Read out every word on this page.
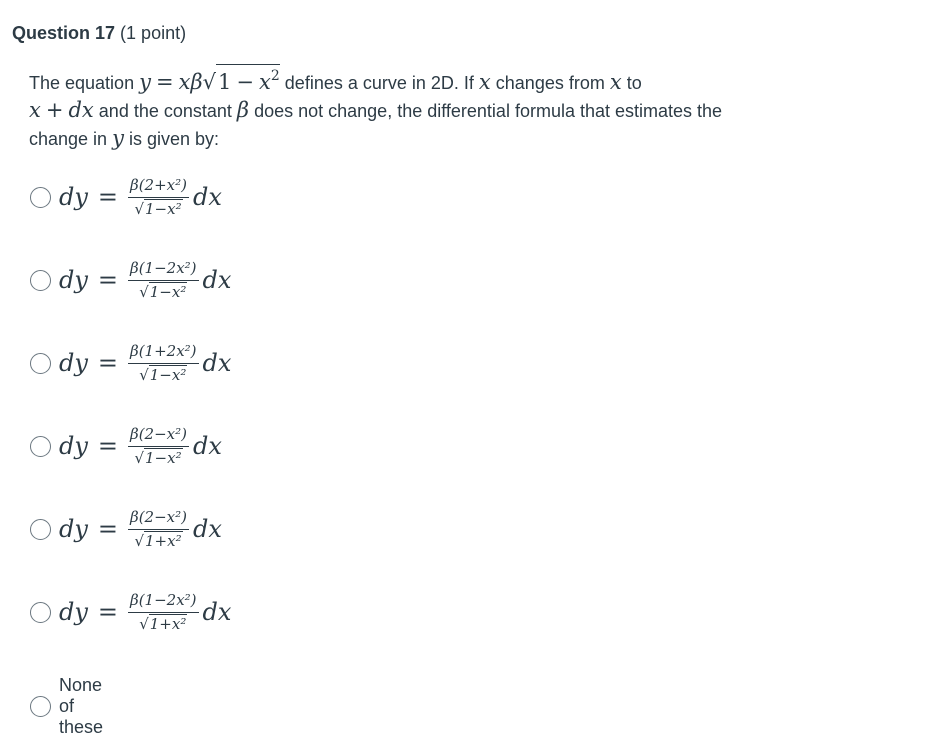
Question 17 (1 point)
The equation $y = x\beta√1 - x^2$ defines a curve in 2D. If x changes from x to
x + dx and the constant β does not change, the differential formula that estimates the change in y is given by:
dy = $\frac{\text{β(2+x²)}}{\text{√1−x²}}$ dx
dy = $\frac{\text{β(1−2x²)}}{\text{√1−x²}}$ dx
dy = $\frac{\text{β(1+2x²)}}{\text{√1−x²}}$ dx
dy = $\frac{\text{β(2−x²)}}{\text{√1−x²}}$ dx
dy = $\frac{\text{β(2−x²)}}{\text{√1+x²}}$ dx
dy = $\frac{\text{β(1−2x²)}}{\text{√1+x²}}$ dx
None of these
